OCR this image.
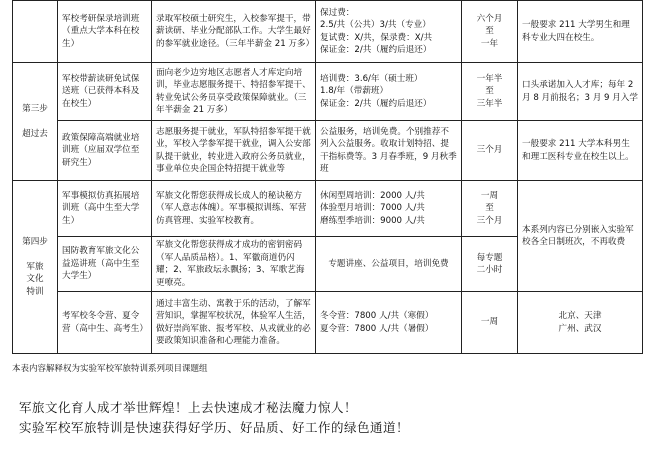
	军校考研保录培训班（重点大学本科在校生）	录取军校硕士研究生，入校参军提干，带薪读研、毕业分配部队工作。大学生最好的参军就业途径。（三年半薪金 21 万多）	保过费：
2.5/共（公共）3/共（专业）
复试费：X/共，保录费：X/共
保证金：2/共（履约后退还）	六个月
至
一年	一般要求 211 大学男生和理科专业大四在校生。
第三步

超过去	军校带薪读研免试保送班（已获得本科及在校生）	面向老少边穷地区志愿者人才库定向培训，毕业志愿服务提干、特招参军提干、转业免试公务员享受政策保障就业。（三年半薪金 21 万多）	培训费：3.6/年（硕士班）
1.8/年（带薪班）
保证金：2/共（履约后退还）	一年半
至
三年半	口头承诺加入人才库；每年 2 月 8 月前报名；3 月 9 月入学
	政策保障高端就业培训班（应届双学位至研究生）	志愿服务提干就业，军队特招参军提干就业，军校入学参军提干就业，调入公安部队提干就业，转业进入政府公务员就业，事业单位央企国企特招提干就业等	公益服务，培训免费。个别推荐不列入公益服务。收取计划特招、提干指标费等。3 月春季班，9 月秋季班	三个月	一般要求 211 大学本科男生和理工医科专业在校生以上。
第四步

军旅
文化
特训	军事模拟仿真拓展培训班（高中生至大学生）	军旅文化帮您获得成长成人的秘诀秘方（军人意志体魄）。军事模拟训练、军营仿真管理、实验军校教育。	休闲型周培训：2000 人/共
体验型月培训：7000 人/共
磨练型季培训：9000 人/共	一周
至
三个月	本系列内容已分别嵌入实验军校各全日制班次，不再收费
	国防教育军旅文化公益巡讲班（高中生至大学生）	军旅文化帮您获得成才成功的密钥密码（军人品质品格）。1、军徽商道仍闪耀；2、军旅政坛永飘扬；3、军歌艺海更嘹亮。	专题讲座、公益项目，培训免费	每专题
二小时	
	考军校冬令营、夏令营（高中生、高考生）	通过丰富生动、寓教于乐的活动，了解军营知识，掌握军校状况，体验军人生活，做好崇尚军旅、报考军校、从戎就业的必要政策知识准备和心理能力准备。	冬令营：7800 人/共（寒假）
夏令营：7800 人/共（暑假）	一周	北京、天津
广州、武汉
本表内容解释权为实验军校军旅特训系列项目课题组
军旅文化育人成才举世辉煌！上去快速成才秘法魔力惊人！
实验军校军旅特训是快速获得好学历、好品质、好工作的绿色通道！
